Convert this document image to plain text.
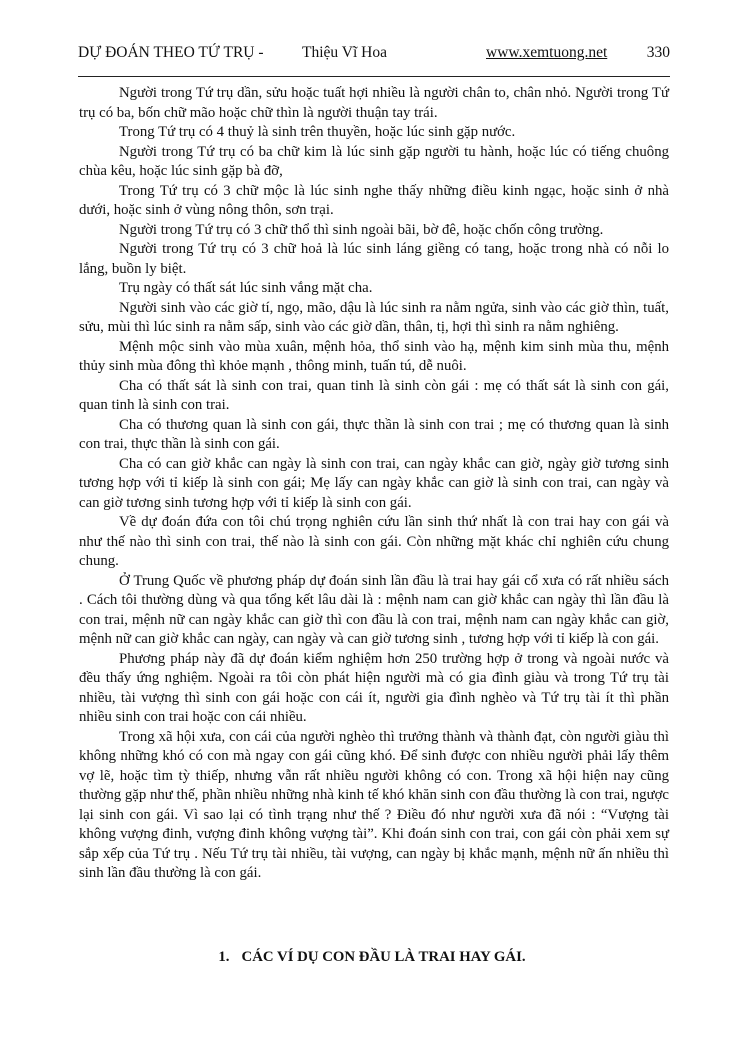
DỰ ĐOÁN THEO TỨ TRỤ - Thiệu Vĩ Hoa	www.xemtuong.net	330

Người trong Tứ trụ dần, sửu hoặc tuất hợi nhiều là người chân to, chân nhỏ. Người trong Tứ trụ có ba, bốn chữ mão hoặc chữ thìn là người thuận tay trái.

Trong Tứ trụ có 4 thuỷ là sinh trên thuyền, hoặc lúc sinh gặp nước.

Người trong Tứ trụ có ba chữ kim là lúc sinh gặp người tu hành, hoặc lúc có tiếng chuông chùa kêu, hoặc lúc sinh gặp bà đỡ,

Trong Tứ trụ có 3 chữ mộc là lúc sinh nghe thấy những điều kinh ngạc, hoặc sinh ở nhà dưới, hoặc sinh ở vùng nông thôn, sơn trại.

Người trong Tứ trụ có 3 chữ thổ thì sinh ngoài bãi, bờ đê, hoặc chốn công trường.

Người trong Tứ trụ có 3 chữ hoả là lúc sinh láng giềng có tang, hoặc trong nhà có nỗi lo lắng, buồn ly biệt.

Trụ ngày có thất sát lúc sinh vắng mặt cha.

Người sinh vào các giờ tí, ngọ, mão, dậu là lúc sinh ra nằm ngửa, sinh vào các giờ thìn, tuất, sửu, mùi thì lúc sinh ra nằm sấp, sinh vào các giờ dần, thân, tị, hợi thì sinh ra nằm nghiêng.

Mệnh mộc sinh vào mùa xuân, mệnh hỏa, thổ sinh vào hạ, mệnh kim sinh mùa thu, mệnh thủy sinh mùa đông thì khỏe mạnh , thông minh, tuấn tú, dễ nuôi.

Cha có thất sát là sinh con trai, quan tinh là sinh còn gái : mẹ có thất sát là sinh con gái, quan tinh là sinh con trai.

Cha có thương quan là sinh con gái, thực thần là sinh con trai ; mẹ có thương quan là sinh con trai, thực thần là sinh con gái.

Cha có can giờ khắc can ngày là sinh con trai, can ngày khắc can giờ, ngày giờ tương sinh tương hợp với tỉ kiếp là sinh con gái; Mẹ lấy can ngày khắc can giờ là sinh con trai, can ngày và can giờ tương sinh tương hợp với tỉ kiếp là sinh con gái.

Về dự đoán đứa con tôi chú trọng nghiên cứu lần sinh thứ nhất là con trai hay con gái và như thế nào thì sinh con trai, thế nào là sinh con gái. Còn những mặt khác chỉ nghiên cứu chung chung.

Ở Trung Quốc về phương pháp dự đoán sinh lần đầu là trai hay gái cổ xưa có rất nhiều sách . Cách tôi thường dùng và qua tổng kết lâu dài là : mệnh nam can giờ khắc can ngày thì lần đầu là con trai, mệnh nữ can ngày khắc can giờ thì con đầu là con trai, mệnh nam can ngày khắc can giờ, mệnh nữ can giờ khắc can ngày, can ngày và can giờ tương sinh , tương hợp với tỉ kiếp là con gái.

Phương pháp này đã dự đoán kiểm nghiệm hơn 250 trường hợp ở trong và ngoài nước và đều thấy ứng nghiệm. Ngoài ra tôi còn phát hiện người mà có gia đình giàu và trong Tứ trụ tài nhiều, tài vượng thì sinh con gái hoặc con cái ít, người gia đình nghèo và Tứ trụ tài ít thì phần nhiều sinh con trai hoặc con cái nhiều.

Trong xã hội xưa, con cái của người nghèo thì trưởng thành và thành đạt, còn người giàu thì không những khó có con mà ngay con gái cũng khó. Để sinh được con nhiều người phải lấy thêm vợ lẽ, hoặc tìm tỳ thiếp, nhưng vẫn rất nhiều người không có con. Trong xã hội hiện nay cũng thường gặp như thế, phần nhiều những nhà kinh tế khó khăn sinh con đầu thường là con trai, ngược lại sinh con gái. Vì sao lại có tình trạng như thế ? Điều đó như người xưa đã nói : “Vượng tài không vượng đinh, vượng đinh không vượng tài”. Khi đoán sinh con trai, con gái còn phải xem sự sắp xếp của Tứ trụ . Nếu Tứ trụ tài nhiều, tài vượng, can ngày bị khắc mạnh, mệnh nữ ấn nhiều thì sinh lần đầu thường là con gái.

1. CÁC VÍ DỤ CON ĐẦU LÀ TRAI HAY GÁI.
